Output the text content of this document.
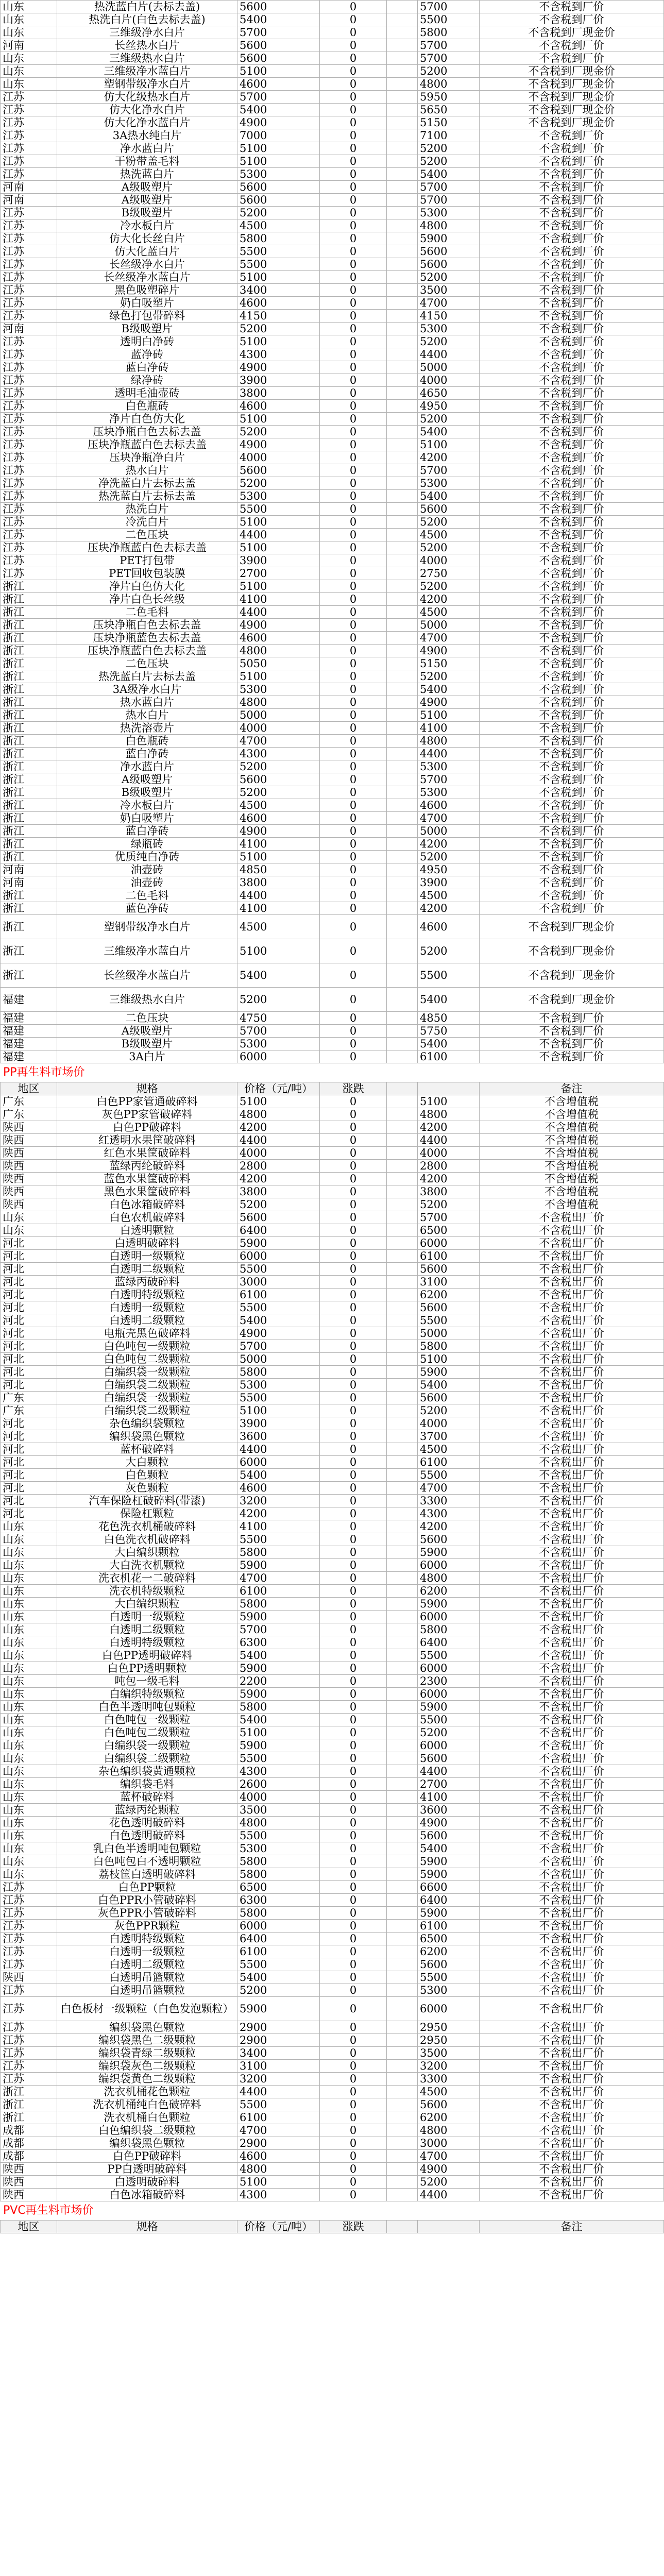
山东	热洗蓝白片(去标去盖)	5600	0		5700	不含税到厂价
山东	热洗白片(白色去标去盖)	5400	0		5500	不含税到厂价
山东	三维级净水白片	5700	0		5800	不含税到厂现金价
河南	长丝热水白片	5600	0		5700	不含税到厂价
山东	三维级热水白片	5600	0		5700	不含税到厂价
山东	三维级净水蓝白片	5100	0		5200	不含税到厂现金价
山东	塑钢带级净水白片	4600	0		4800	不含税到厂现金价
江苏	仿大化级热水白片	5700	0		5950	不含税到厂现金价
江苏	仿大化净水白片	5400	0		5650	不含税到厂现金价
江苏	仿大化净水蓝白片	4900	0		5150	不含税到厂现金价
江苏	3A热水纯白片	7000	0		7100	不含税到厂价
江苏	净水蓝白片	5100	0		5200	不含税到厂价
江苏	干粉带盖毛料	5100	0		5200	不含税到厂价
江苏	热洗蓝白片	5300	0		5400	不含税到厂价
河南	A级吸塑片	5600	0		5700	不含税到厂价
河南	A级吸塑片	5600	0		5700	不含税到厂价
江苏	B级吸塑片	5200	0		5300	不含税到厂价
江苏	冷水板白片	4500	0		4800	不含税到厂价
江苏	仿大化长丝白片	5800	0		5900	不含税到厂价
江苏	仿大化蓝白片	5500	0		5600	不含税到厂价
江苏	长丝级净水白片	5500	0		5600	不含税到厂价
江苏	长丝级净水蓝白片	5100	0		5200	不含税到厂价
江苏	黑色吸塑碎片	3400	0		3500	不含税到厂价
江苏	奶白吸塑片	4600	0		4700	不含税到厂价
江苏	绿色打包带碎料	4150	0		4150	不含税到厂价
河南	B级吸塑片	5200	0		5300	不含税到厂价
江苏	透明白净砖	5100	0		5200	不含税到厂价
江苏	蓝净砖	4300	0		4400	不含税到厂价
江苏	蓝白净砖	4900	0		5000	不含税到厂价
江苏	绿净砖	3900	0		4000	不含税到厂价
江苏	透明毛油壶砖	3800	0		4650	不含税到厂价
江苏	白色瓶砖	4600	0		4950	不含税到厂价
江苏	净片白色仿大化	5100	0		5200	不含税到厂价
江苏	压块净瓶白色去标去盖	5200	0		5400	不含税到厂价
江苏	压块净瓶蓝白色去标去盖	4900	0		5100	不含税到厂价
江苏	压块净瓶净白片	4000	0		4200	不含税到厂价
江苏	热水白片	5600	0		5700	不含税到厂价
江苏	净洗蓝白片去标去盖	5200	0		5300	不含税到厂价
江苏	热洗蓝白片去标去盖	5300	0		5400	不含税到厂价
江苏	热洗白片	5500	0		5600	不含税到厂价
江苏	冷洗白片	5100	0		5200	不含税到厂价
江苏	二色压块	4400	0		4500	不含税到厂价
江苏	压块净瓶蓝白色去标去盖	5100	0		5200	不含税到厂价
江苏	PET打包带	3900	0		4000	不含税到厂价
江苏	PET回收包装膜	2700	0		2750	不含税到厂价
浙江	净片白色仿大化	5100	0		5200	不含税到厂价
浙江	净片白色长丝级	4100	0		4200	不含税到厂价
浙江	二色毛料	4400	0		4500	不含税到厂价
浙江	压块净瓶白色去标去盖	4900	0		5000	不含税到厂价
浙江	压块净瓶蓝色去标去盖	4600	0		4700	不含税到厂价
浙江	压块净瓶蓝白色去标去盖	4800	0		4900	不含税到厂价
浙江	二色压块	5050	0		5150	不含税到厂价
浙江	热洗蓝白片去标去盖	5100	0		5200	不含税到厂价
浙江	3A级净水白片	5300	0		5400	不含税到厂价
浙江	热水蓝白片	4800	0		4900	不含税到厂价
浙江	热水白片	5000	0		5100	不含税到厂价
浙江	热洗溶壶片	4000	0		4100	不含税到厂价
浙江	白色瓶砖	4700	0		4800	不含税到厂价
浙江	蓝白净砖	4300	0		4400	不含税到厂价
浙江	净水蓝白片	5200	0		5300	不含税到厂价
浙江	A级吸塑片	5600	0		5700	不含税到厂价
浙江	B级吸塑片	5200	0		5300	不含税到厂价
浙江	冷水板白片	4500	0		4600	不含税到厂价
浙江	奶白吸塑片	4600	0		4700	不含税到厂价
浙江	蓝白净砖	4900	0		5000	不含税到厂价
浙江	绿瓶砖	4100	0		4200	不含税到厂价
浙江	优质纯白净砖	5100	0		5200	不含税到厂价
河南	油壶砖	4850	0		4950	不含税到厂价
河南	油壶砖	3800	0		3900	不含税到厂价
浙江	二色毛料	4400	0		4500	不含税到厂价
浙江	蓝色净砖	4100	0		4200	不含税到厂价
浙江	塑钢带级净水白片	4500	0		4600	不含税到厂现金价
浙江	三维级净水蓝白片	5100	0		5200	不含税到厂现金价
浙江	长丝级净水蓝白片	5400	0		5500	不含税到厂现金价
福建	三维级热水白片	5200	0		5400	不含税到厂现金价
福建	二色压块	4750	0		4850	不含税到厂价
福建	A级吸塑片	5700	0		5750	不含税到厂价
福建	B级吸塑片	5300	0		5400	不含税到厂价
福建	3A白片	6000	0		6100	不含税到厂价
PP再生料市场价
地区	规格	价格（元/吨）	涨跌			备注
广东	白色PP家管通破碎料	5100	0		5100	不含增值税
广东	灰色PP家管破碎料	4800	0		4800	不含增值税
陕西	白色PP破碎料	4200	0		4200	不含增值税
陕西	红透明水果筐破碎料	4400	0		4400	不含增值税
陕西	红色水果筐破碎料	4000	0		4000	不含增值税
陕西	蓝绿丙纶破碎料	2800	0		2800	不含增值税
陕西	蓝色水果筐破碎料	4200	0		4200	不含增值税
陕西	黑色水果筐破碎料	3800	0		3800	不含增值税
陕西	白色冰箱破碎料	5200	0		5200	不含增值税
山东	白色农机破碎料	5600	0		5700	不含税出厂价
山东	白透明颗粒	6400	0		6500	不含税出厂价
河北	白透明破碎料	5900	0		6000	不含税出厂价
河北	白透明一级颗粒	6000	0		6100	不含税出厂价
河北	白透明二级颗粒	5500	0		5600	不含税出厂价
河北	蓝绿丙破碎料	3000	0		3100	不含税出厂价
河北	白透明特级颗粒	6100	0		6200	不含税出厂价
河北	白透明一级颗粒	5500	0		5600	不含税出厂价
河北	白透明二级颗粒	5400	0		5500	不含税出厂价
河北	电瓶壳黑色破碎料	4900	0		5000	不含税出厂价
河北	白色吨包一级颗粒	5700	0		5800	不含税出厂价
河北	白色吨包二级颗粒	5000	0		5100	不含税出厂价
河北	白编织袋一级颗粒	5800	0		5900	不含税出厂价
河北	白编织袋二级颗粒	5300	0		5400	不含税出厂价
广东	白编织袋一级颗粒	5500	0		5600	不含税出厂价
广东	白编织袋二级颗粒	5100	0		5200	不含税出厂价
河北	杂色编织袋颗粒	3900	0		4000	不含税出厂价
河北	编织袋黑色颗粒	3600	0		3700	不含税出厂价
河北	蓝杯破碎料	4400	0		4500	不含税出厂价
河北	大白颗粒	6000	0		6100	不含税出厂价
河北	白色颗粒	5400	0		5500	不含税出厂价
河北	灰色颗粒	4600	0		4700	不含税出厂价
河北	汽车保险杠破碎料(带漆)	3200	0		3300	不含税出厂价
河北	保险杠颗粒	4200	0		4300	不含税出厂价
山东	花色洗衣机桶破碎料	4100	0		4200	不含税出厂价
山东	白色洗衣机破碎料	5500	0		5600	不含税出厂价
山东	大白编织颗粒	5800	0		5900	不含税出厂价
山东	大白洗衣机颗粒	5900	0		6000	不含税出厂价
山东	洗衣机花一二破碎料	4700	0		4800	不含税出厂价
山东	洗衣机特级颗粒	6100	0		6200	不含税出厂价
山东	大白编织颗粒	5800	0		5900	不含税出厂价
山东	白透明一级颗粒	5900	0		6000	不含税出厂价
山东	白透明二级颗粒	5700	0		5800	不含税出厂价
山东	白透明特级颗粒	6300	0		6400	不含税出厂价
山东	白色PP透明破碎料	5400	0		5500	不含税出厂价
山东	白色PP透明颗粒	5900	0		6000	不含税出厂价
山东	吨包一级毛料	2200	0		2300	不含税出厂价
山东	白编织特级颗粒	5900	0		6000	不含税出厂价
山东	白色半透明吨包颗粒	5800	0		5900	不含税出厂价
山东	白色吨包一级颗粒	5400	0		5500	不含税出厂价
山东	白色吨包二级颗粒	5100	0		5200	不含税出厂价
山东	白编织袋一级颗粒	5900	0		6000	不含税出厂价
山东	白编织袋二级颗粒	5500	0		5600	不含税出厂价
山东	杂色编织袋黄通颗粒	4300	0		4400	不含税出厂价
山东	编织袋毛料	2600	0		2700	不含税出厂价
山东	蓝杯破碎料	4000	0		4100	不含税出厂价
山东	蓝绿丙纶颗粒	3500	0		3600	不含税出厂价
山东	花色透明破碎料	4800	0		4900	不含税出厂价
山东	白色透明破碎料	5500	0		5600	不含税出厂价
山东	乳白色半透明吨包颗粒	5300	0		5400	不含税出厂价
山东	白色吨包白不透明颗粒	5800	0		5900	不含税出厂价
山东	荔枝筐白透明破碎料	5800	0		5900	不含税出厂价
江苏	白色PP颗粒	6500	0		6600	不含税出厂价
江苏	白色PPR小管破碎料	6300	0		6400	不含税出厂价
江苏	灰色PPR小管破碎料	5800	0		5900	不含税出厂价
江苏	灰色PPR颗粒	6000	0		6100	不含税出厂价
江苏	白透明特级颗粒	6400	0		6500	不含税出厂价
江苏	白透明一级颗粒	6100	0		6200	不含税出厂价
江苏	白透明二级颗粒	5500	0		5600	不含税出厂价
陕西	白透明吊篮颗粒	5400	0		5500	不含税出厂价
江苏	白透明吊篮颗粒	5200	0		5300	不含税出厂价
江苏	白色板材一级颗粒（白色发泡颗粒）	5900	0		6000	不含税出厂价
江苏	编织袋黑色颗粒	2900	0		2950	不含税出厂价
江苏	编织袋黑色二级颗粒	2900	0		2950	不含税出厂价
江苏	编织袋青绿二级颗粒	3400	0		3500	不含税出厂价
江苏	编织袋灰色二级颗粒	3100	0		3200	不含税出厂价
江苏	编织袋黄色二级颗粒	3200	0		3300	不含税出厂价
浙江	洗衣机桶花色颗粒	4400	0		4500	不含税出厂价
浙江	洗衣机桶纯白色破碎料	5500	0		5600	不含税出厂价
浙江	洗衣机桶白色颗粒	6100	0		6200	不含税出厂价
成都	白色编织袋二级颗粒	4700	0		4800	不含税出厂价
成都	编织袋黑色颗粒	2900	0		3000	不含税出厂价
成都	白色PP破碎料	4600	0		4700	不含税出厂价
陕西	PP白透明破碎料	4800	0		4900	不含税出厂价
陕西	白透明破碎料	5100	0		5200	不含税出厂价
陕西	白色冰箱破碎料	4300	0		4400	不含税出厂价
PVC再生料市场价
地区	规格	价格（元/吨）	涨跌			备注
